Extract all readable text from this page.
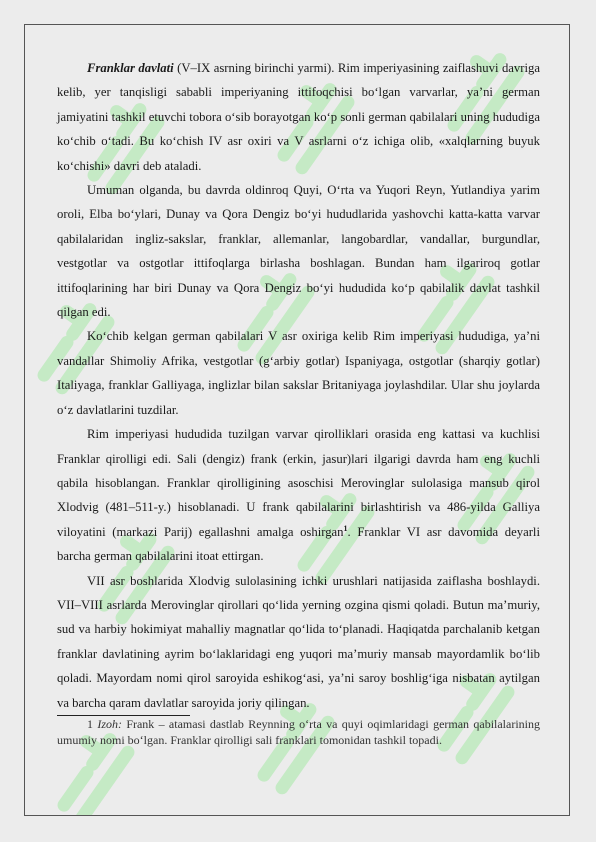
Franklar davlati (V–IX asrning birinchi yarmi). Rim imperiyasining zaiflashuvi davriga kelib, yer tanqisligi sababli imperiyaning ittifoqchisi bo‘lgan varvarlar, ya’ni german jamiyatini tashkil etuvchi tobora o‘sib borayotgan ko‘p sonli german qabilalari uning hududiga ko‘chib o‘tadi. Bu ko‘chish IV asr oxiri va V asrlarni o‘z ichiga olib, «xalqlarning buyuk ko‘chishi» davri deb ataladi.

Umuman olganda, bu davrda oldinroq Quyi, O‘rta va Yuqori Reyn, Yutlandiya yarim oroli, Elba bo‘ylari, Dunay va Qora Dengiz bo‘yi hududlarida yashovchi katta-katta varvar qabilalaridan ingliz-sakslar, franklar, allemanlar, langobardlar, vandallar, burgundlar, vestgotlar va ostgotlar ittifoqlarga birlasha boshlagan. Bundan ham ilgariroq gotlar ittifoqlarining har biri Dunay va Qora Dengiz bo‘yi hududida ko‘p qabilalik davlat tashkil qilgan edi.

Ko‘chib kelgan german qabilalari V asr oxiriga kelib Rim imperiyasi hududiga, ya’ni vandallar Shimoliy Afrika, vestgotlar (g‘arbiy gotlar) Ispaniyaga, ostgotlar (sharqiy gotlar) Italiyaga, franklar Galliyaga, inglizlar bilan sakslar Britaniyaga joylashdilar. Ular shu joylarda o‘z davlatlarini tuzdilar.

Rim imperiyasi hududida tuzilgan varvar qirolliklari orasida eng kattasi va kuchlisi Franklar qirolligi edi. Sali (dengiz) frank (erkin, jasur)lari ilgarigi davrda ham eng kuchli qabila hisoblangan. Franklar qirolligining asoschisi Merovinglar sulolasiga mansub qirol Xlodvig (481–511-y.) hisoblanadi. U frank qabilalarini birlashtirish va 486-yilda Galliya viloyatini (markazi Parij) egallashni amalga oshirgan$^1$. Franklar VI asr davomida deyarli barcha german qabilalarini itoat ettirgan.

VII asr boshlarida Xlodvig sulolasining ichki urushlari natijasida zaiflasha boshlaydi. VII–VIII asrlarda Merovinglar qirollari qo‘lida yerning ozgina qismi qoladi. Butun ma’muriy, sud va harbiy hokimiyat mahalliy magnatlar qo‘lida to‘planadi. Haqiqatda parchalanib ketgan franklar davlatining ayrim bo‘laklaridagi eng yuqori ma’muriy mansab mayordamlik bo‘lib qoladi. Mayordam nomi qirol saroyida eshikog‘asi, ya’ni saroy boshlig‘iga nisbatan aytilgan va barcha qaram davlatlar saroyida joriy qilingan.

1 Izoh: Frank – atamasi dastlab Reynning o‘rta va quyi oqimlaridagi german qabilalarining umumiy nomi bo‘lgan. Franklar qirolligi sali franklari tomonidan tashkil topadi.
